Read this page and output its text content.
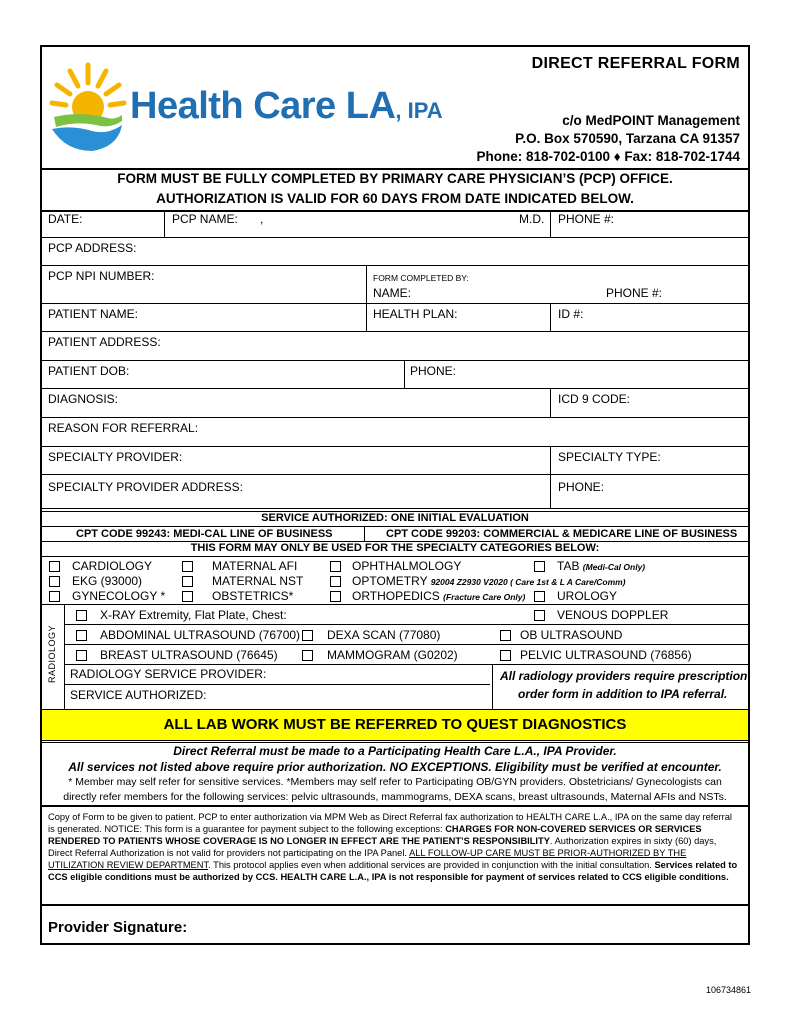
Health Care LA, IPA
DIRECT REFERRAL FORM
c/o MedPOINT Management
P.O. Box 570590, Tarzana CA 91357
Phone: 818-702-0100 ♦ Fax: 818-702-1744
FORM MUST BE FULLY COMPLETED BY PRIMARY CARE PHYSICIAN’S (PCP) OFFICE.
AUTHORIZATION IS VALID FOR 60 DAYS FROM DATE INDICATED BELOW.
DATE:	PCP NAME: ,	M.D. PHONE #:
PCP ADDRESS:
PCP NPI NUMBER:	FORM COMPLETED BY:
NAME:	PHONE #:
PATIENT NAME:	HEALTH PLAN:	ID #:
PATIENT ADDRESS:
PATIENT DOB:	PHONE:
DIAGNOSIS:	ICD 9 CODE:
REASON FOR REFERRAL:
SPECIALTY PROVIDER:	SPECIALTY TYPE:
SPECIALTY PROVIDER ADDRESS:	PHONE:
SERVICE AUTHORIZED: ONE INITIAL EVALUATION
CPT CODE 99243: MEDI-CAL LINE OF BUSINESS	CPT CODE 99203: COMMERCIAL & MEDICARE LINE OF BUSINESS
THIS FORM MAY ONLY BE USED FOR THE SPECIALTY CATEGORIES BELOW:
CARDIOLOGY	MATERNAL AFI	OPHTHALMOLOGY	TAB (Medi-Cal Only)
EKG (93000)	MATERNAL NST	OPTOMETRY 92004 Z2930 V2020 ( Care 1st & L A Care/Comm)
GYNECOLOGY *	OBSTETRICS*	ORTHOPEDICS (Fracture Care Only)	UROLOGY
RADIOLOGY
X-RAY Extremity, Flat Plate, Chest:	VENOUS DOPPLER
ABDOMINAL ULTRASOUND (76700) DEXA SCAN (77080)	OB ULTRASOUND
BREAST ULTRASOUND (76645)	MAMMOGRAM (G0202)	PELVIC ULTRASOUND (76856)
RADIOLOGY SERVICE PROVIDER:
SERVICE AUTHORIZED:
All radiology providers require prescription
order form in addition to IPA referral.
ALL LAB WORK MUST BE REFERRED TO QUEST DIAGNOSTICS
Direct Referral must be made to a Participating Health Care L.A., IPA Provider.
All services not listed above require prior authorization. NO EXCEPTIONS. Eligibility must be verified at encounter.
* Member may self refer for sensitive services. *Members may self refer to Participating OB/GYN providers. Obstetricians/ Gynecologists can
directly refer members for the following services: pelvic ultrasounds, mammograms, DEXA scans, breast ultrasounds, Maternal AFIs and NSTs.
Copy of Form to be given to patient. PCP to enter authorization via MPM Web as Direct Referral fax authorization to HEALTH CARE L.A., IPA on the same day referral is generated. NOTICE: This form is a guarantee for payment subject to the following exceptions: CHARGES FOR NON-COVERED SERVICES OR SERVICES RENDERED TO PATIENTS WHOSE COVERAGE IS NO LONGER IN EFFECT ARE THE PATIENT’S RESPONSIBILITY. Authorization expires in sixty (60) days, Direct Referral Authorization is not valid for providers not participating on the IPA Panel. ALL FOLLOW-UP CARE MUST BE PRIOR-AUTHORIZED BY THE UTILIZATION REVIEW DEPARTMENT. This protocol applies even when additional services are provided in conjunction with the initial consultation. Services related to CCS eligible conditions must be authorized by CCS. HEALTH CARE L.A., IPA is not responsible for payment of services related to CCS eligible conditions.
Provider Signature:
106734861
